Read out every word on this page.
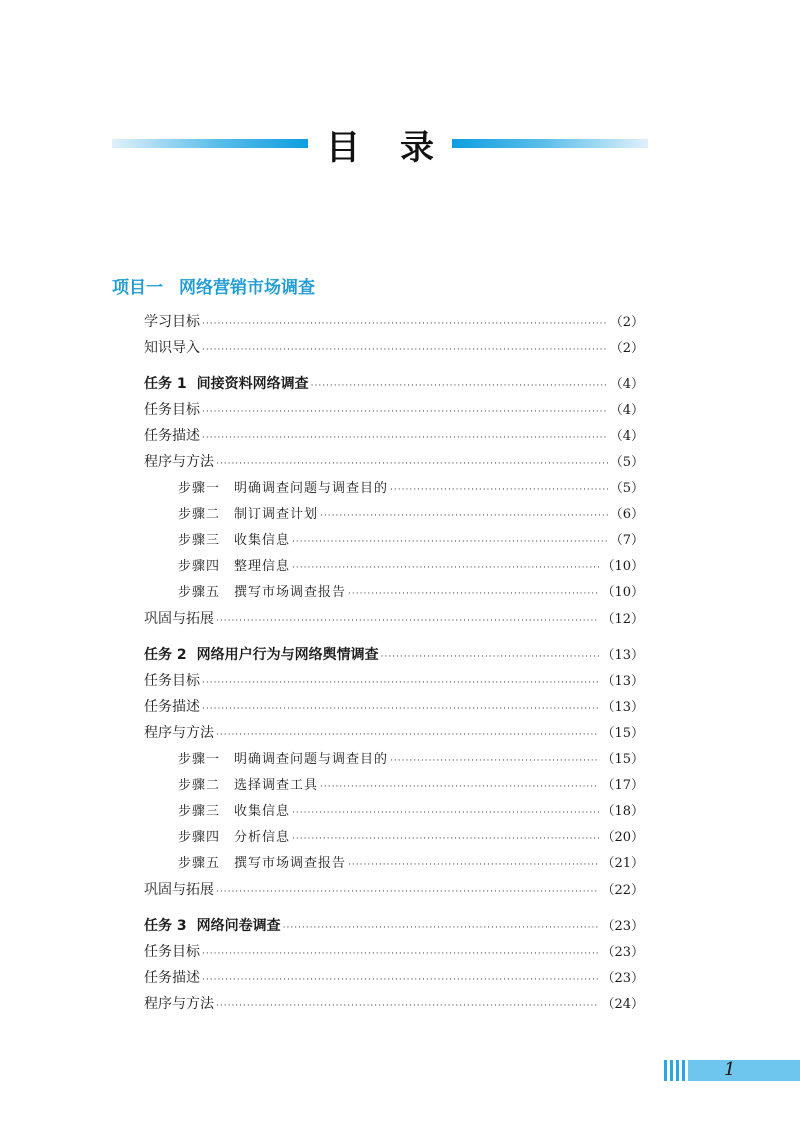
目 录
项目一 网络营销市场调查
学习目标 ·····	（2）
知识导入 ·····	（2）
任务 1 间接资料网络调查 ·····	（4）
任务目标 ·····	（4）
任务描述 ·····	（4）
程序与方法 ·····	（5）
步骤一 明确调查问题与调查目的 ·····	（5）
步骤二 制订调查计划 ·····	（6）
步骤三 收集信息 ·····	（7）
步骤四 整理信息 ·····	（10）
步骤五 撰写市场调查报告 ·····	（10）
巩固与拓展 ·····	（12）
任务 2 网络用户行为与网络舆情调查 ·····	（13）
任务目标 ·····	（13）
任务描述 ·····	（13）
程序与方法 ·····	（15）
步骤一 明确调查问题与调查目的 ·····	（15）
步骤二 选择调查工具 ·····	（17）
步骤三 收集信息 ·····	（18）
步骤四 分析信息 ·····	（20）
步骤五 撰写市场调查报告 ·····	（21）
巩固与拓展 ·····	（22）
任务 3 网络问卷调查 ·····	（23）
任务目标 ·····	（23）
任务描述 ·····	（23）
程序与方法 ·····	（24）
1
